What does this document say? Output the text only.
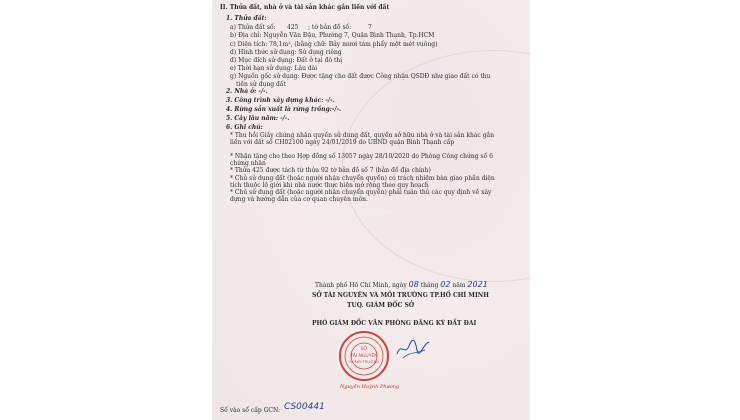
II. Thửa đất, nhà ở và tài sản khác gắn liền với đất
1. Thửa đất:
a) Thửa đất số: 425 ; tờ bản đồ số:	7
b) Địa chỉ: Nguyễn Văn Đậu, Phường 7, Quận Bình Thạnh, Tp.HCM
c) Diện tích: 78,1m², (bằng chữ: Bảy mươi tám phẩy một mét vuông)
d) Hình thức sử dụng: Sử dụng riêng
đ) Mục đích sử dụng: Đất ở tại đô thị
e) Thời hạn sử dụng: Lâu dài
g) Nguồn gốc sử dụng: Được tặng cho đất được Công nhận QSDĐ như giao đất có thu
tiền sử dụng đất
2. Nhà ở: -/-.
3. Công trình xây dựng khác: -/-.
4. Rừng sản xuất là rừng trồng:-/-.
5. Cây lâu năm: -/-.
6. Ghi chú:
* Thu hồi Giấy chứng nhận quyền sử dụng đất, quyền sở hữu nhà ở và tài sản khác gắn liền với đất số CH02100 ngày 24/01/2019 do UBND quận Bình Thạnh cấp
* Nhận tặng cho theo Hợp đồng số 13057 ngày 28/10/2020 do Phòng Công chứng số 6 chứng nhận
* Thửa 425 được tách từ thửa 92 tờ bản đồ số 7 (bản đồ địa chính)
* Chủ sử dụng đất (hoặc người nhận chuyển quyền) có trách nhiệm bàn giao phần diện tích thuộc lộ giới khi nhà nước thực hiện mở rộng theo quy hoạch
* Chủ sử dụng đất (hoặc người nhận chuyển quyền) phải tuân thủ các quy định về xây dựng và hướng dẫn của cơ quan chuyên môn.
giaodichnhadat.vn
Thành phố Hồ Chí Minh, ngày 08 tháng 02 năm 2021
SỞ TÀI NGUYÊN VÀ MÔI TRƯỜNG TP.HỒ CHÍ MINH
TUQ. GIÁM ĐỐC SỞ
PHÓ GIÁM ĐỐC VĂN PHÒNG ĐĂNG KÝ ĐẤT ĐAI
SỞ
TÀI NGUYÊN
VÀ MÔI TRƯỜNG
Nguyễn Huỳnh Phương
Số vào sổ cấp GCN: CS00441
